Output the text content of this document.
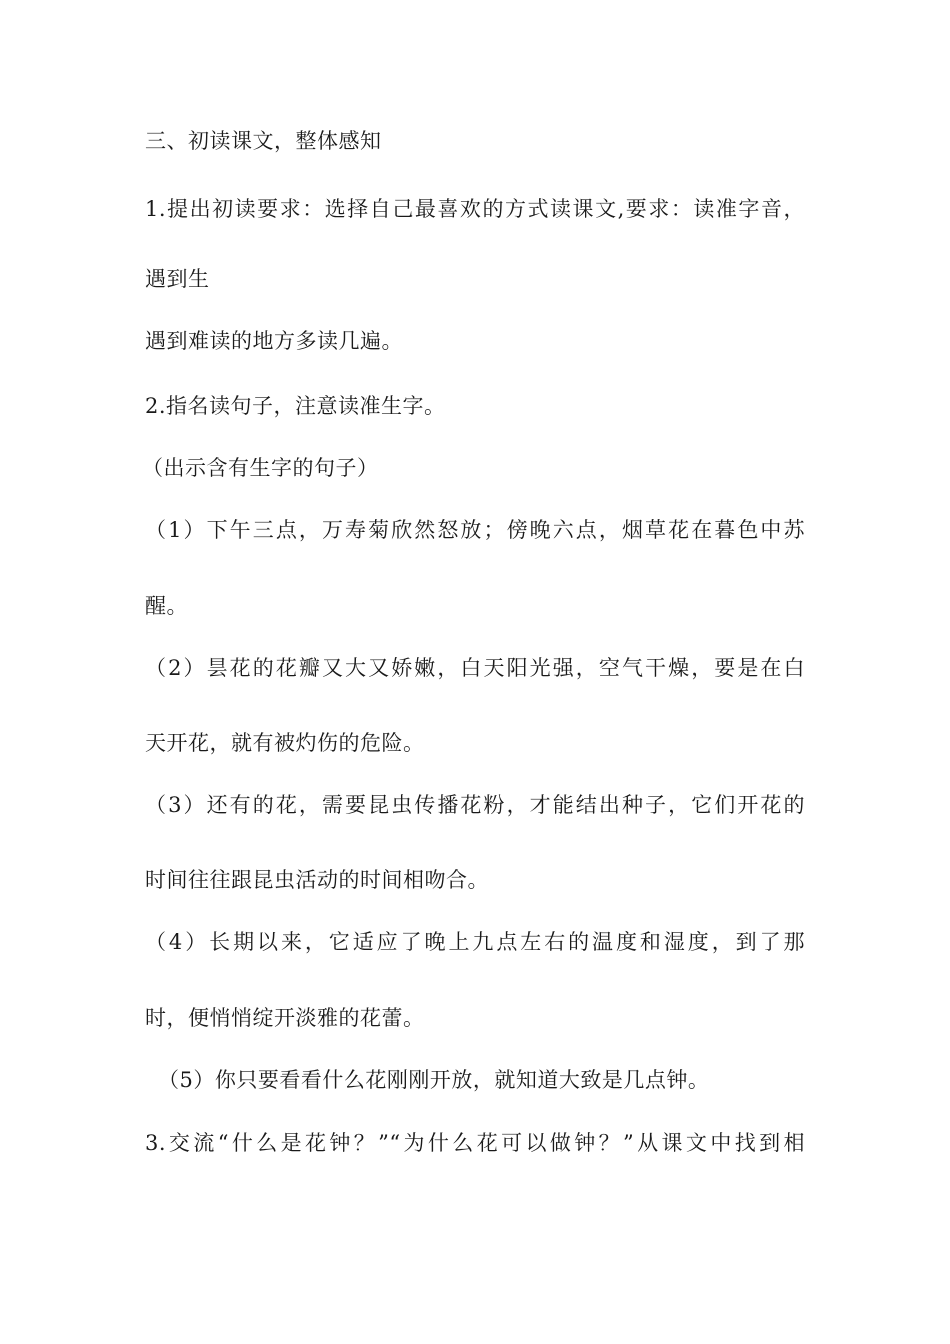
三、初读课文，整体感知
1.提出初读要求：选择自己最喜欢的方式读课文,要求：读准字音，
遇到生
遇到难读的地方多读几遍。
2.指名读句子，注意读准生字。
（出示含有生字的句子）
（1）下午三点，万寿菊欣然怒放；傍晚六点，烟草花在暮色中苏
醒。
（2）昙花的花瓣又大又娇嫩，白天阳光强，空气干燥，要是在白
天开花，就有被灼伤的危险。
（3）还有的花，需要昆虫传播花粉，才能结出种子，它们开花的
时间往往跟昆虫活动的时间相吻合。
（4）长期以来，它适应了晚上九点左右的温度和湿度，到了那
时，便悄悄绽开淡雅的花蕾。
（5）你只要看看什么花刚刚开放，就知道大致是几点钟。
3.交流“什么是花钟？”“为什么花可以做钟？”从课文中找到相
